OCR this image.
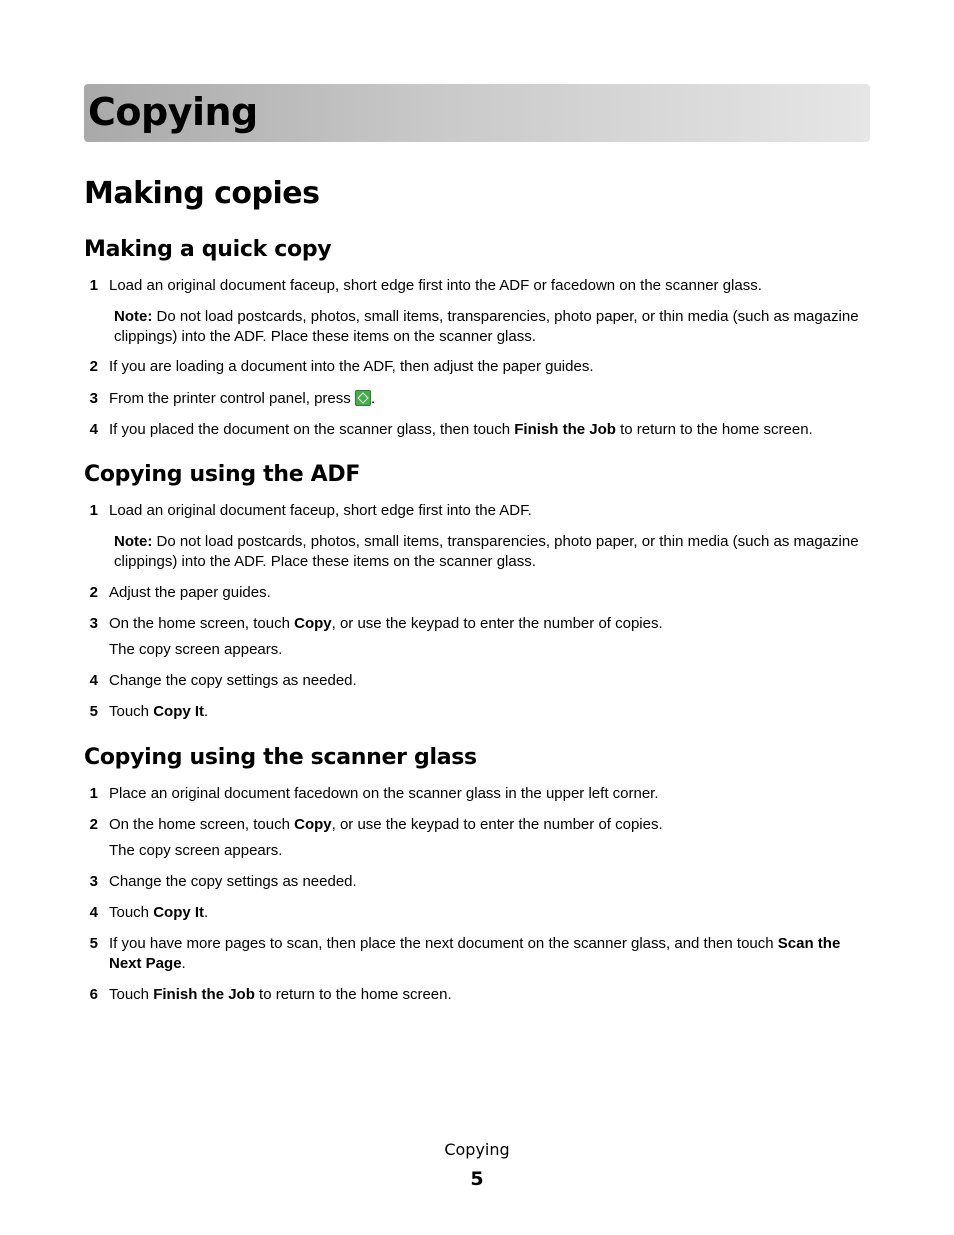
Copying
Making copies
Making a quick copy
1 Load an original document faceup, short edge first into the ADF or facedown on the scanner glass.
Note: Do not load postcards, photos, small items, transparencies, photo paper, or thin media (such as magazine clippings) into the ADF. Place these items on the scanner glass.
2 If you are loading a document into the ADF, then adjust the paper guides.
3 From the printer control panel, press .
4 If you placed the document on the scanner glass, then touch Finish the Job to return to the home screen.
Copying using the ADF
1 Load an original document faceup, short edge first into the ADF.
Note: Do not load postcards, photos, small items, transparencies, photo paper, or thin media (such as magazine clippings) into the ADF. Place these items on the scanner glass.
2 Adjust the paper guides.
3 On the home screen, touch Copy, or use the keypad to enter the number of copies.
The copy screen appears.
4 Change the copy settings as needed.
5 Touch Copy It.
Copying using the scanner glass
1 Place an original document facedown on the scanner glass in the upper left corner.
2 On the home screen, touch Copy, or use the keypad to enter the number of copies.
The copy screen appears.
3 Change the copy settings as needed.
4 Touch Copy It.
5 If you have more pages to scan, then place the next document on the scanner glass, and then touch Scan the Next Page.
6 Touch Finish the Job to return to the home screen.
Copying
5
